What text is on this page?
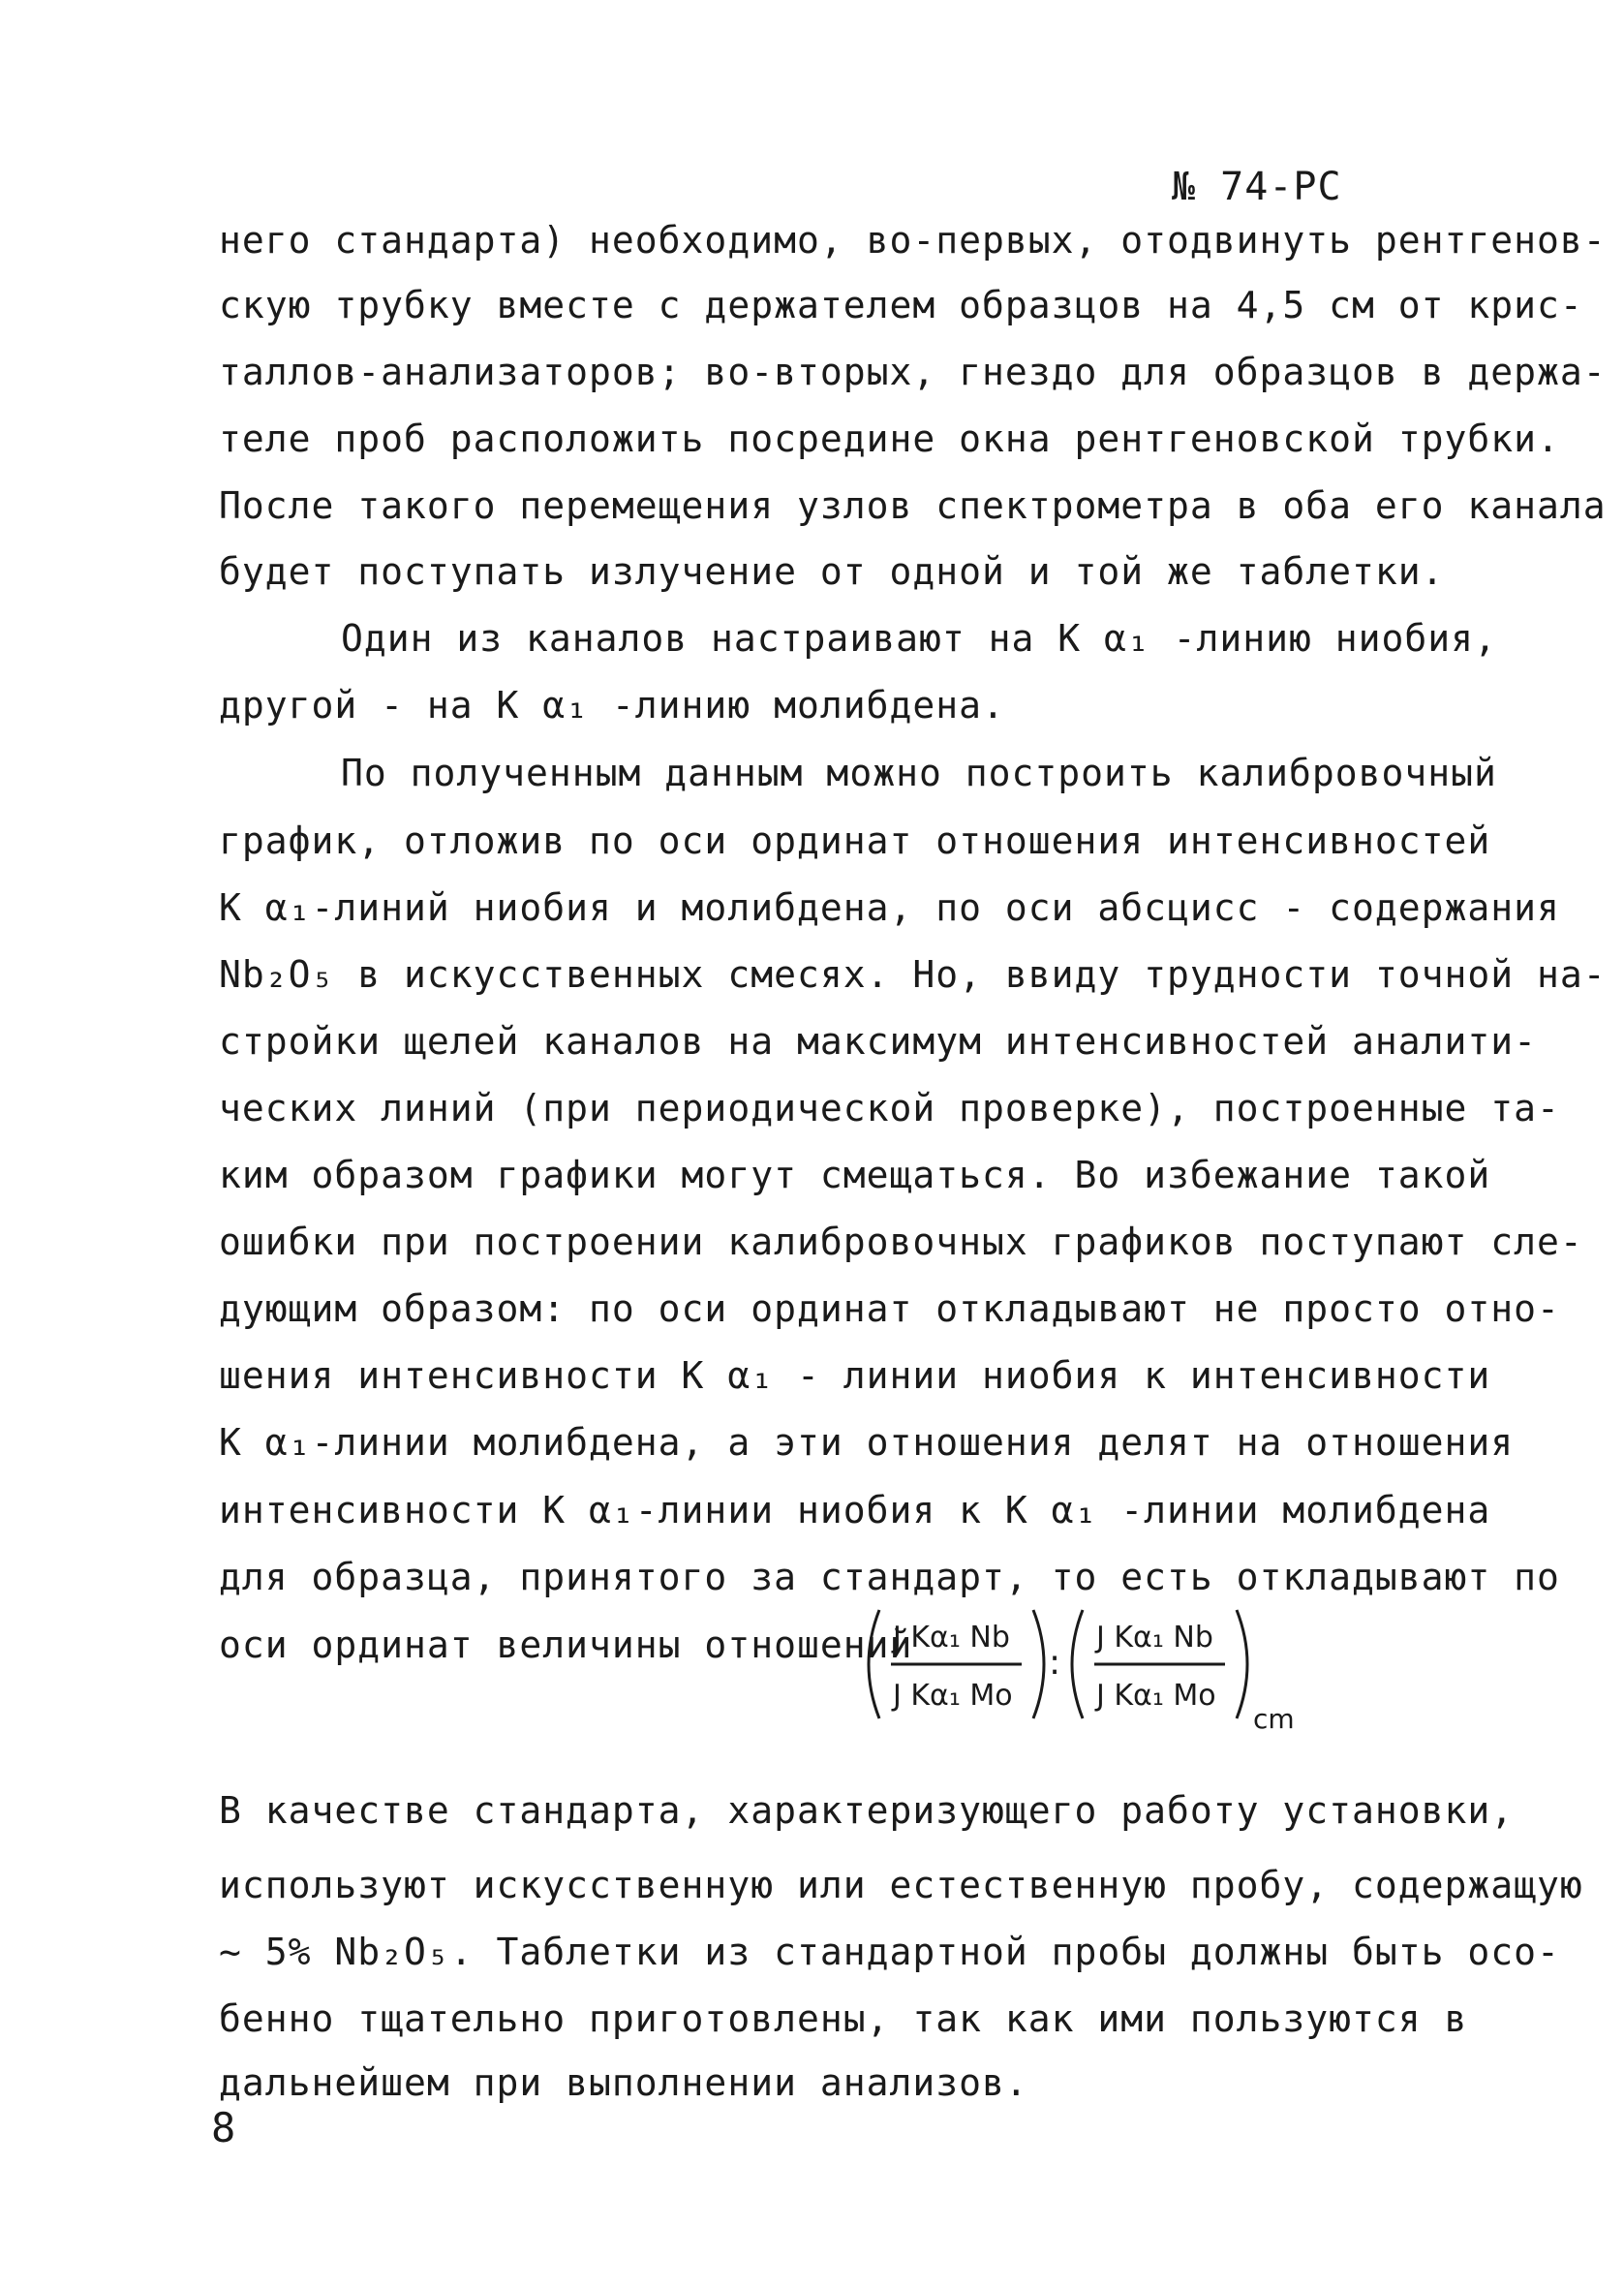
№ 74-РС
него стандарта) необходимо, во-первых, отодвинуть рентгенов-
скую трубку вместе с держателем образцов на 4,5 см от крис-
таллов-анализаторов; во-вторых, гнездо для образцов в держа-
теле проб расположить посредине окна рентгеновской трубки.
После такого перемещения узлов спектрометра в оба его канала
будет поступать излучение от одной и той же таблетки.
Один из каналов настраивают на K α₁ -линию ниобия,
другой - на K α₁ -линию молибдена.
По полученным данным можно построить калибровочный
график, отложив по оси ординат отношения интенсивностей
K α₁-линий ниобия и молибдена, по оси абсцисс - содержания
Nb₂O₅ в искусственных смесях. Но, ввиду трудности точной на-
стройки щелей каналов на максимум интенсивностей аналити-
ческих линий (при периодической проверке), построенные та-
ким образом графики могут смещаться. Во избежание такой
ошибки при построении калибровочных графиков поступают сле-
дующим образом: по оси ординат откладывают не просто отно-
шения интенсивности K α₁ - линии ниобия к интенсивности
K α₁-линии молибдена, а эти отношения делят на отношения
интенсивности K α₁-линии ниобия к K α₁ -линии молибдена
для образца, принятого за стандарт, то есть откладывают по
оси ординат величины отношений
J Kα₁ Nb
J Kα₁ Mo
:
J Kα₁ Nb
J Kα₁ Mo
cm
В качестве стандарта, характеризующего работу установки,
используют искусственную или естественную пробу, содержащую
~ 5% Nb₂O₅. Таблетки из стандартной пробы должны быть осо-
бенно тщательно приготовлены, так как ими пользуются в
дальнейшем при выполнении анализов.
8
